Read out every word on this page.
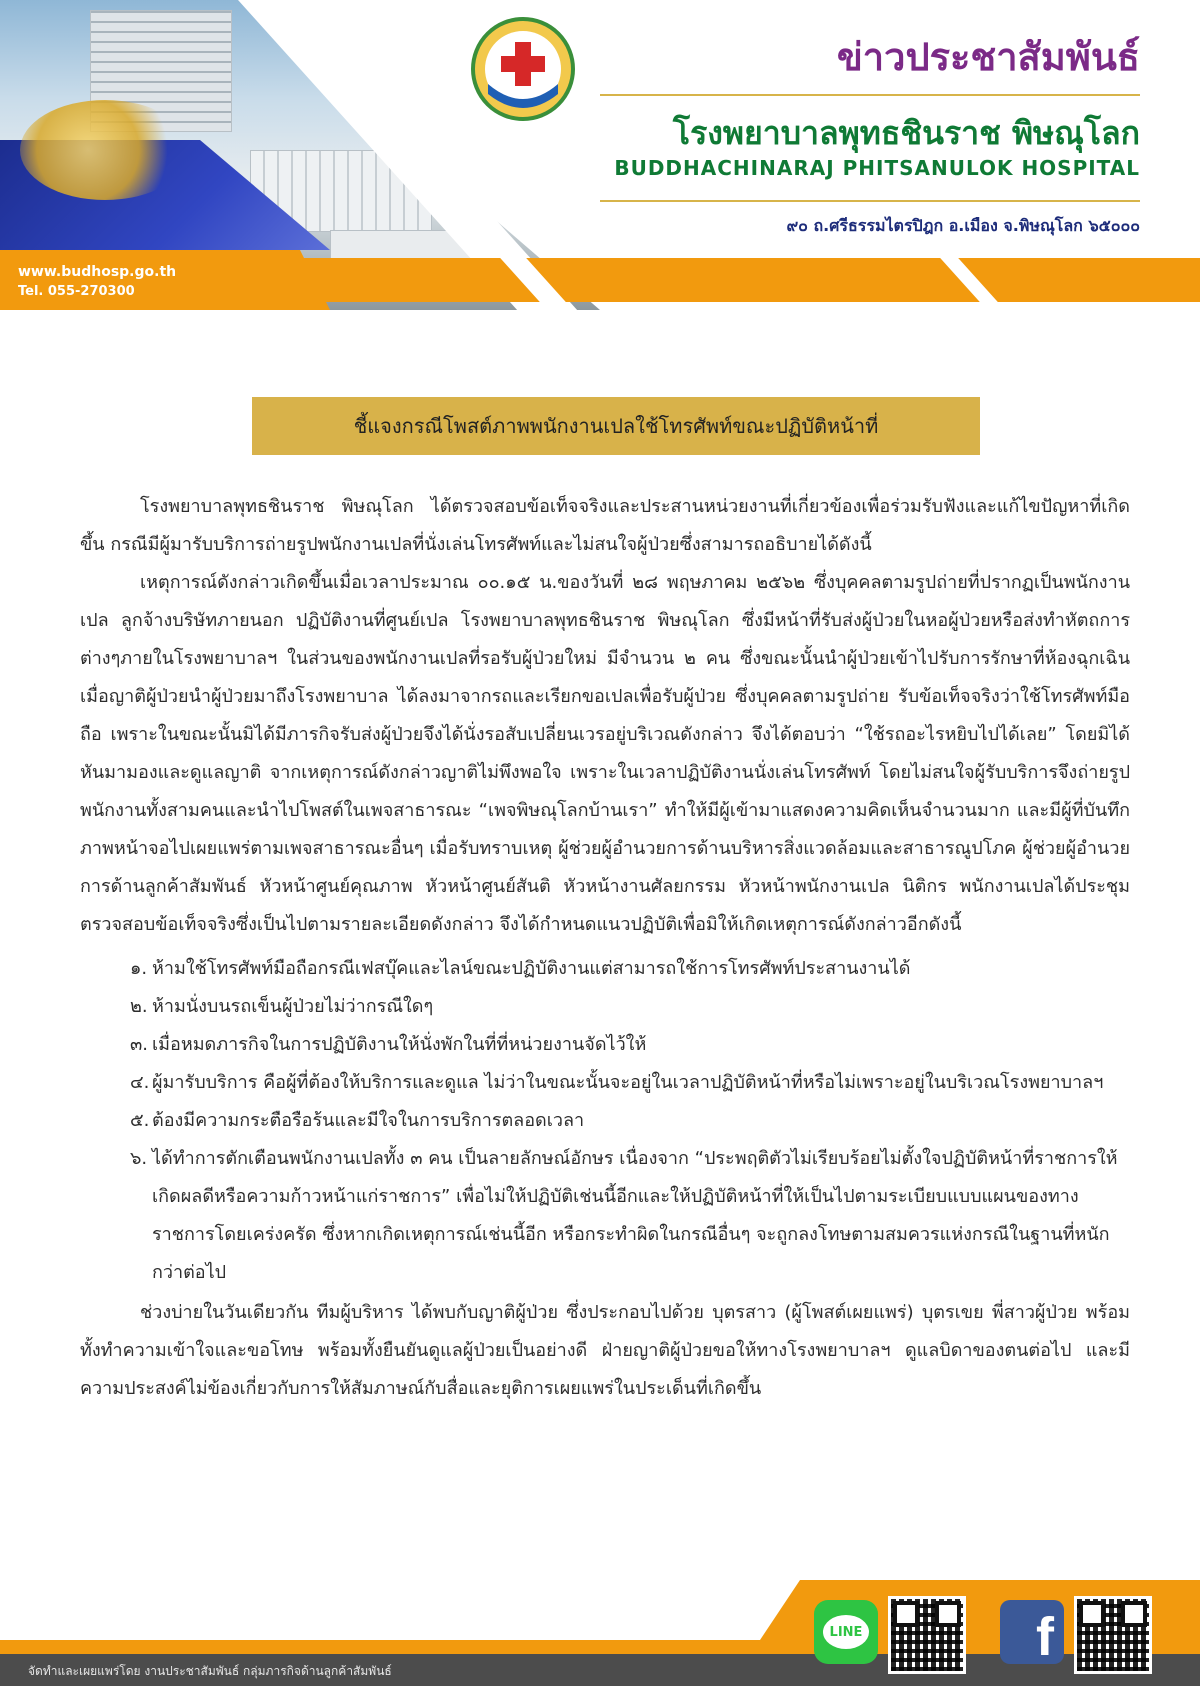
www.budhosp.go.th
Tel. 055-270300
ข่าวประชาสัมพันธ์
โรงพยาบาลพุทธชินราช พิษณุโลก
BUDDHACHINARAJ PHITSANULOK HOSPITAL
๙๐ ถ.ศรีธรรมไตรปิฎก อ.เมือง จ.พิษณุโลก ๖๕๐๐๐
ชี้แจงกรณีโพสต์ภาพพนักงานเปลใช้โทรศัพท์ขณะปฏิบัติหน้าที่

โรงพยาบาลพุทธชินราช พิษณุโลก ได้ตรวจสอบข้อเท็จจริงและประสานหน่วยงานที่เกี่ยวข้องเพื่อร่วมรับฟังและแก้ไขปัญหาที่เกิดขึ้น กรณีมีผู้มารับบริการถ่ายรูปพนักงานเปลที่นั่งเล่นโทรศัพท์และไม่สนใจผู้ป่วยซึ่งสามารถอธิบายได้ดังนี้

เหตุการณ์ดังกล่าวเกิดขึ้นเมื่อเวลาประมาณ ๐๐.๑๕ น.ของวันที่ ๒๘ พฤษภาคม ๒๕๖๒ ซึ่งบุคคลตามรูปถ่ายที่ปรากฏเป็นพนักงานเปล ลูกจ้างบริษัทภายนอก ปฏิบัติงานที่ศูนย์เปล โรงพยาบาลพุทธชินราช พิษณุโลก ซึ่งมีหน้าที่รับส่งผู้ป่วยในหอผู้ป่วยหรือส่งทำหัตถการต่างๆภายในโรงพยาบาลฯ ในส่วนของพนักงานเปลที่รอรับผู้ป่วยใหม่ มีจำนวน ๒ คน ซึ่งขณะนั้นนำผู้ป่วยเข้าไปรับการรักษาที่ห้องฉุกเฉิน เมื่อญาติผู้ป่วยนำผู้ป่วยมาถึงโรงพยาบาล ได้ลงมาจากรถและเรียกขอเปลเพื่อรับผู้ป่วย ซึ่งบุคคลตามรูปถ่าย รับข้อเท็จจริงว่าใช้โทรศัพท์มือถือ เพราะในขณะนั้นมิได้มีภารกิจรับส่งผู้ป่วยจึงได้นั่งรอสับเปลี่ยนเวรอยู่บริเวณดังกล่าว จึงได้ตอบว่า “ใช้รถอะไรหยิบไปได้เลย” โดยมิได้หันมามองและดูแลญาติ จากเหตุการณ์ดังกล่าวญาติไม่พึงพอใจ เพราะในเวลาปฏิบัติงานนั่งเล่นโทรศัพท์ โดยไม่สนใจผู้รับบริการจึงถ่ายรูปพนักงานทั้งสามคนและนำไปโพสต์ในเพจสาธารณะ “เพจพิษณุโลกบ้านเรา” ทำให้มีผู้เข้ามาแสดงความคิดเห็นจำนวนมาก และมีผู้ที่บันทึกภาพหน้าจอไปเผยแพร่ตามเพจสาธารณะอื่นๆ เมื่อรับทราบเหตุ ผู้ช่วยผู้อำนวยการด้านบริหารสิ่งแวดล้อมและสาธารณูปโภค ผู้ช่วยผู้อำนวยการด้านลูกค้าสัมพันธ์ หัวหน้าศูนย์คุณภาพ หัวหน้าศูนย์สันติ หัวหน้างานศัลยกรรม หัวหน้าพนักงานเปล นิติกร พนักงานเปลได้ประชุมตรวจสอบข้อเท็จจริงซึ่งเป็นไปตามรายละเอียดดังกล่าว จึงได้กำหนดแนวปฏิบัติเพื่อมิให้เกิดเหตุการณ์ดังกล่าวอีกดังนี้

๑. ห้ามใช้โทรศัพท์มือถือกรณีเฟสบุ๊คและไลน์ขณะปฏิบัติงานแต่สามารถใช้การโทรศัพท์ประสานงานได้
๒. ห้ามนั่งบนรถเข็นผู้ป่วยไม่ว่ากรณีใดๆ
๓. เมื่อหมดภารกิจในการปฏิบัติงานให้นั่งพักในที่ที่หน่วยงานจัดไว้ให้
๔. ผู้มารับบริการ คือผู้ที่ต้องให้บริการและดูแล ไม่ว่าในขณะนั้นจะอยู่ในเวลาปฏิบัติหน้าที่หรือไม่เพราะอยู่ในบริเวณโรงพยาบาลฯ
๕. ต้องมีความกระตือรือร้นและมีใจในการบริการตลอดเวลา
๖. ได้ทำการตักเตือนพนักงานเปลทั้ง ๓ คน เป็นลายลักษณ์อักษร เนื่องจาก “ประพฤติตัวไม่เรียบร้อยไม่ตั้งใจปฏิบัติหน้าที่ราชการให้เกิดผลดีหรือความก้าวหน้าแก่ราชการ” เพื่อไม่ให้ปฏิบัติเช่นนี้อีกและให้ปฏิบัติหน้าที่ให้เป็นไปตามระเบียบแบบแผนของทางราชการโดยเคร่งครัด ซึ่งหากเกิดเหตุการณ์เช่นนี้อีก หรือกระทำผิดในกรณีอื่นๆ จะถูกลงโทษตามสมควรแห่งกรณีในฐานที่หนักกว่าต่อไป

ช่วงบ่ายในวันเดียวกัน ทีมผู้บริหาร ได้พบกับญาติผู้ป่วย ซึ่งประกอบไปด้วย บุตรสาว (ผู้โพสต์เผยแพร่) บุตรเขย พี่สาวผู้ป่วย พร้อมทั้งทำความเข้าใจและขอโทษ พร้อมทั้งยืนยันดูแลผู้ป่วยเป็นอย่างดี ฝ่ายญาติผู้ป่วยขอให้ทางโรงพยาบาลฯ ดูแลบิดาของตนต่อไป และมีความประสงค์ไม่ข้องเกี่ยวกับการให้สัมภาษณ์กับสื่อและยุติการเผยแพร่ในประเด็นที่เกิดขึ้น

จัดทำและเผยแพร่โดย งานประชาสัมพันธ์ กลุ่มภารกิจด้านลูกค้าสัมพันธ์
LINE	f
